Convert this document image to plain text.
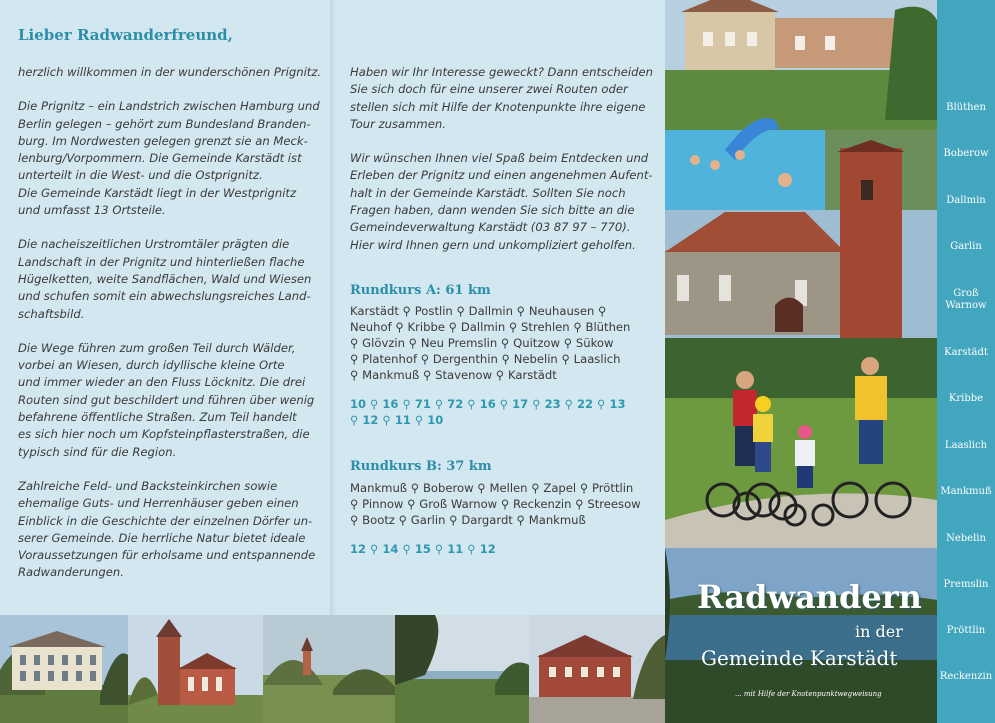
Lieber Radwanderfreund,

herzlich willkommen in der wunderschönen Prignitz.

Die Prignitz – ein Landstrich zwischen Hamburg und
Berlin gelegen – gehört zum Bundesland Branden-
burg. Im Nordwesten gelegen grenzt sie an Meck-
lenburg/Vorpommern. Die Gemeinde Karstädt ist
unterteilt in die West- und die Ostprignitz.
Die Gemeinde Karstädt liegt in der Westprignitz
und umfasst 13 Ortsteile.

Die nacheiszeitlichen Urstromtäler prägten die
Landschaft in der Prignitz und hinterließen flache
Hügelketten, weite Sandflächen, Wald und Wiesen
und schufen somit ein abwechslungsreiches Land-
schaftsbild.

Die Wege führen zum großen Teil durch Wälder,
vorbei an Wiesen, durch idyllische kleine Orte
und immer wieder an den Fluss Löcknitz. Die drei
Routen sind gut beschildert und führen über wenig
befahrene öffentliche Straßen. Zum Teil handelt
es sich hier noch um Kopfsteinpflasterstraßen, die
typisch sind für die Region.

Zahlreiche Feld- und Backsteinkirchen sowie
ehemalige Guts- und Herrenhäuser geben einen
Einblick in die Geschichte der einzelnen Dörfer un-
serer Gemeinde. Die herrliche Natur bietet ideale
Voraussetzungen für erholsame und entspannende
Radwanderungen.

Haben wir Ihr Interesse geweckt? Dann entscheiden
Sie sich doch für eine unserer zwei Routen oder
stellen sich mit Hilfe der Knotenpunkte ihre eigene
Tour zusammen.

Wir wünschen Ihnen viel Spaß beim Entdecken und
Erleben der Prignitz und einen angenehmen Aufent-
halt in der Gemeinde Karstädt. Sollten Sie noch
Fragen haben, dann wenden Sie sich bitte an die
Gemeindeverwaltung Karstädt (03 87 97 – 770).
Hier wird Ihnen gern und unkompliziert geholfen.

Rundkurs A: 61 km
Karstädt ⚲ Postlin ⚲ Dallmin ⚲ Neuhausen ⚲
Neuhof ⚲ Kribbe ⚲ Dallmin ⚲ Strehlen ⚲ Blüthen
⚲ Glövzin ⚲ Neu Premslin ⚲ Quitzow ⚲ Sükow
⚲ Platenhof ⚲ Dergenthin ⚲ Nebelin ⚲ Laaslich
⚲ Mankmuß ⚲ Stavenow ⚲ Karstädt
10 ⚲ 16 ⚲ 71 ⚲ 72 ⚲ 16 ⚲ 17 ⚲ 23 ⚲ 22 ⚲ 13
⚲ 12 ⚲ 11 ⚲ 10
Rundkurs B: 37 km
Mankmuß ⚲ Boberow ⚲ Mellen ⚲ Zapel ⚲ Pröttlin
⚲ Pinnow ⚲ Groß Warnow ⚲ Reckenzin ⚲ Streesow
⚲ Bootz ⚲ Garlin ⚲ Dargardt ⚲ Mankmuß
12 ⚲ 14 ⚲ 15 ⚲ 11 ⚲ 12
Radwandern
in der
Gemeinde Karstädt
... mit Hilfe der Knotenpunktwegweisung
Blüthen
Boberow
Dallmin
Garlin
Groß
Warnow
Karstädt
Kribbe
Laaslich
Mankmuß
Nebelin
Premslin
Pröttlin
Reckenzin
